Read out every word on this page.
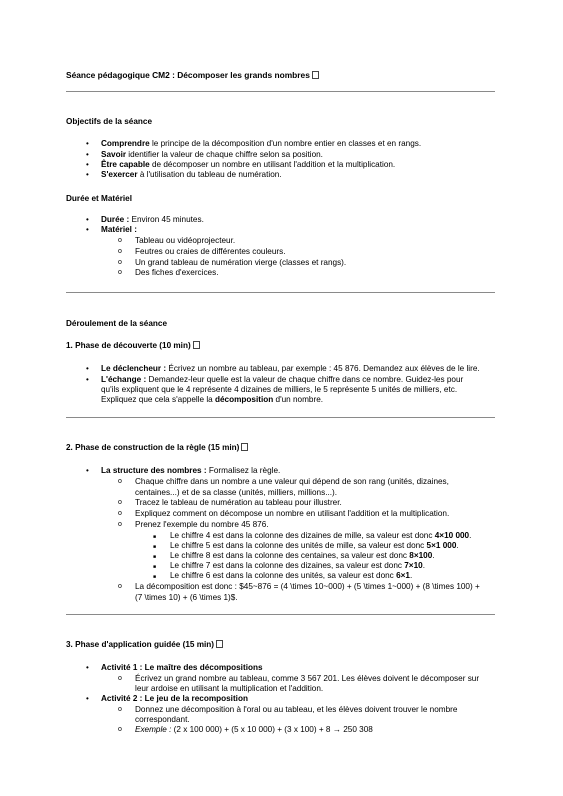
Séance pédagogique CM2 : Décomposer les grands nombres
Objectifs de la séance
• Comprendre le principe de la décomposition d'un nombre entier en classes et en rangs.
• Savoir identifier la valeur de chaque chiffre selon sa position.
• Être capable de décomposer un nombre en utilisant l'addition et la multiplication.
• S'exercer à l'utilisation du tableau de numération.
Durée et Matériel
• Durée : Environ 45 minutes.
• Matériel :
o Tableau ou vidéoprojecteur.
o Feutres ou craies de différentes couleurs.
o Un grand tableau de numération vierge (classes et rangs).
o Des fiches d'exercices.
Déroulement de la séance
1. Phase de découverte (10 min)
• Le déclencheur : Écrivez un nombre au tableau, par exemple : 45 876. Demandez aux élèves de le lire.
• L'échange : Demandez-leur quelle est la valeur de chaque chiffre dans ce nombre. Guidez-les pour
qu'ils expliquent que le 4 représente 4 dizaines de milliers, le 5 représente 5 unités de milliers, etc.
Expliquez que cela s'appelle la décomposition d'un nombre.
2. Phase de construction de la règle (15 min)
• La structure des nombres : Formalisez la règle.
o Chaque chiffre dans un nombre a une valeur qui dépend de son rang (unités, dizaines,
centaines...) et de sa classe (unités, milliers, millions...).
o Tracez le tableau de numération au tableau pour illustrer.
o Expliquez comment on décompose un nombre en utilisant l'addition et la multiplication.
o Prenez l'exemple du nombre 45 876.
■ Le chiffre 4 est dans la colonne des dizaines de mille, sa valeur est donc 4×10 000.
■ Le chiffre 5 est dans la colonne des unités de mille, sa valeur est donc 5×1 000.
■ Le chiffre 8 est dans la colonne des centaines, sa valeur est donc 8×100.
■ Le chiffre 7 est dans la colonne des dizaines, sa valeur est donc 7×10.
■ Le chiffre 6 est dans la colonne des unités, sa valeur est donc 6×1.
o La décomposition est donc : $45~876 = (4 \times 10~000) + (5 \times 1~000) + (8 \times 100) +
(7 \times 10) + (6 \times 1)$.
3. Phase d'application guidée (15 min)
• Activité 1 : Le maître des décompositions
o Écrivez un grand nombre au tableau, comme 3 567 201. Les élèves doivent le décomposer sur
leur ardoise en utilisant la multiplication et l'addition.
• Activité 2 : Le jeu de la recomposition
o Donnez une décomposition à l'oral ou au tableau, et les élèves doivent trouver le nombre
correspondant.
o Exemple : (2 x 100 000) + (5 x 10 000) + (3 x 100) + 8 → 250 308
